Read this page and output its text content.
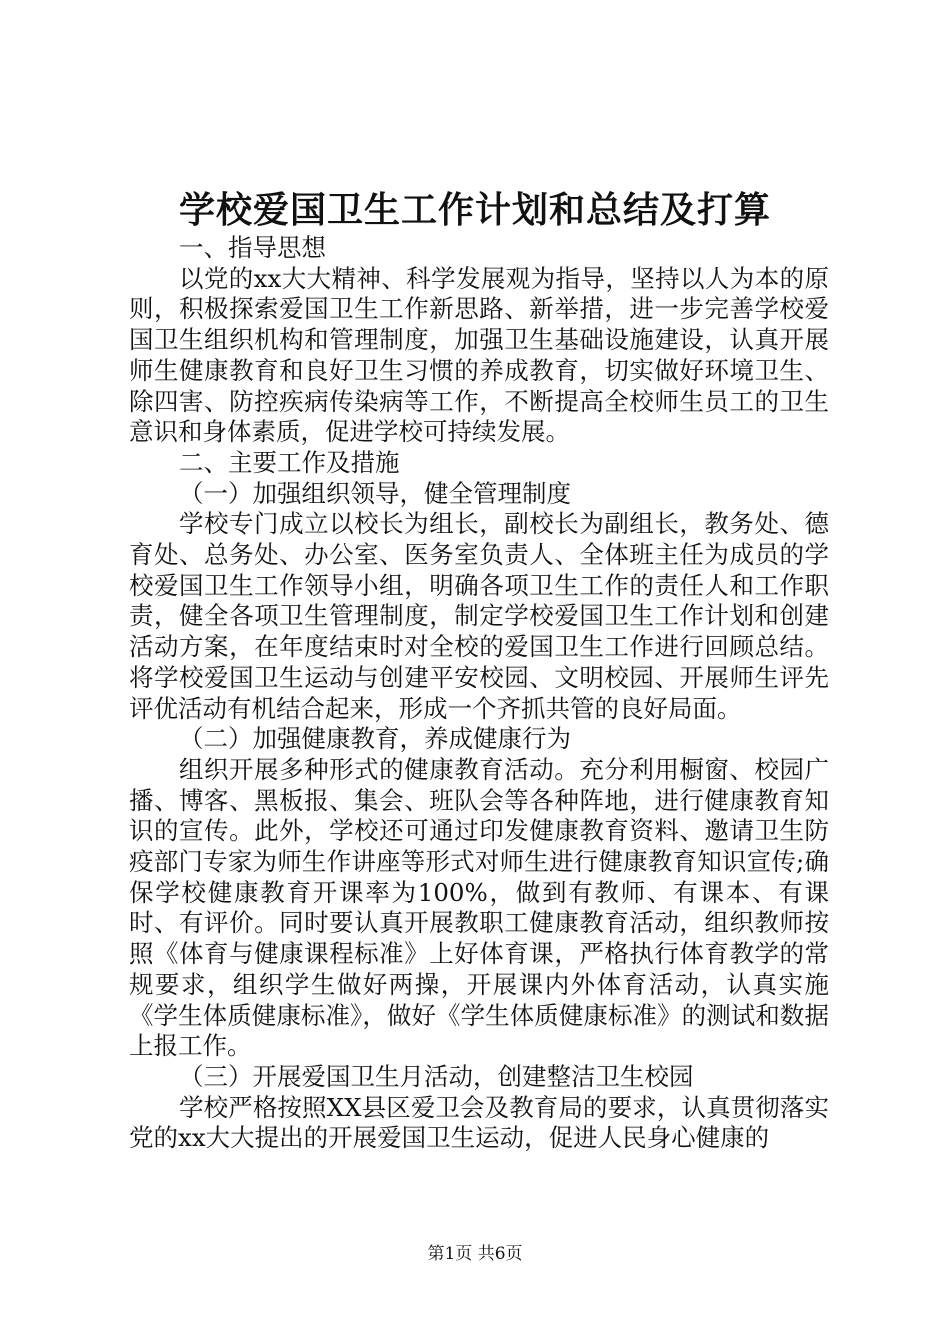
学校爱国卫生工作计划和总结及打算

一、指导思想

以党的xx大大精神、科学发展观为指导，坚持以人为本的原则，积极探索爱国卫生工作新思路、新举措，进一步完善学校爱国卫生组织机构和管理制度，加强卫生基础设施建设，认真开展师生健康教育和良好卫生习惯的养成教育，切实做好环境卫生、除四害、防控疾病传染病等工作，不断提高全校师生员工的卫生意识和身体素质，促进学校可持续发展。

二、主要工作及措施

（一）加强组织领导，健全管理制度

学校专门成立以校长为组长，副校长为副组长，教务处、德育处、总务处、办公室、医务室负责人、全体班主任为成员的学校爱国卫生工作领导小组，明确各项卫生工作的责任人和工作职责，健全各项卫生管理制度，制定学校爱国卫生工作计划和创建活动方案，在年度结束时对全校的爱国卫生工作进行回顾总结。将学校爱国卫生运动与创建平安校园、文明校园、开展师生评先评优活动有机结合起来，形成一个齐抓共管的良好局面。

（二）加强健康教育，养成健康行为

组织开展多种形式的健康教育活动。充分利用橱窗、校园广播、博客、黑板报、集会、班队会等各种阵地，进行健康教育知识的宣传。此外，学校还可通过印发健康教育资料、邀请卫生防疫部门专家为师生作讲座等形式对师生进行健康教育知识宣传;确保学校健康教育开课率为100%，做到有教师、有课本、有课时、有评价。同时要认真开展教职工健康教育活动，组织教师按照《体育与健康课程标准》上好体育课，严格执行体育教学的常规要求，组织学生做好两操，开展课内外体育活动，认真实施《学生体质健康标准》，做好《学生体质健康标准》的测试和数据上报工作。

（三）开展爱国卫生月活动，创建整洁卫生校园

学校严格按照XX县区爱卫会及教育局的要求，认真贯彻落实党的xx大大提出的开展爱国卫生运动，促进人民身心健康的

第1页 共6页
